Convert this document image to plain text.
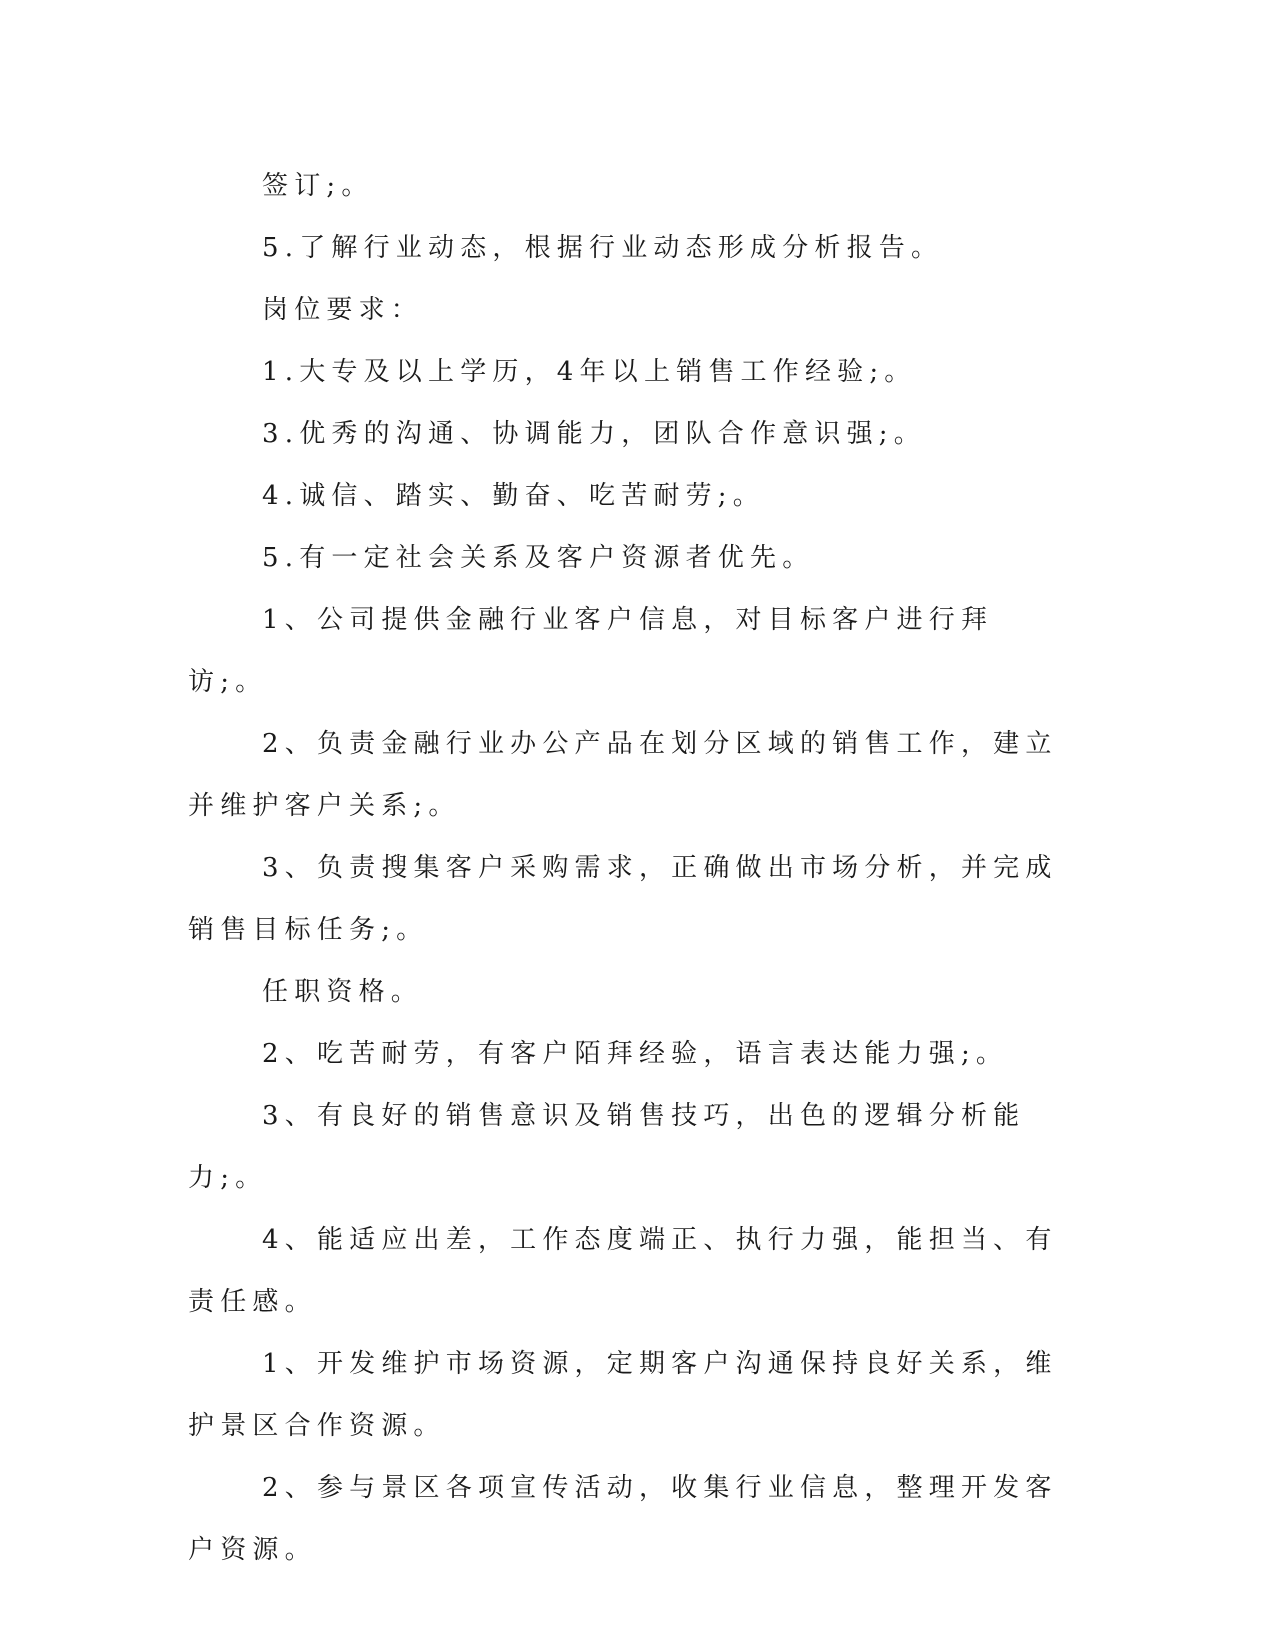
签订;。

5.了解行业动态，根据行业动态形成分析报告。

岗位要求：

1.大专及以上学历，4年以上销售工作经验;。

3.优秀的沟通、协调能力，团队合作意识强;。

4.诚信、踏实、勤奋、吃苦耐劳;。

5.有一定社会关系及客户资源者优先。

1、公司提供金融行业客户信息，对目标客户进行拜访;。

2、负责金融行业办公产品在划分区域的销售工作，建立并维护客户关系;。

3、负责搜集客户采购需求，正确做出市场分析，并完成销售目标任务;。

任职资格。

2、吃苦耐劳，有客户陌拜经验，语言表达能力强;。

3、有良好的销售意识及销售技巧，出色的逻辑分析能力;。

4、能适应出差，工作态度端正、执行力强，能担当、有责任感。

1、开发维护市场资源，定期客户沟通保持良好关系，维护景区合作资源。

2、参与景区各项宣传活动，收集行业信息，整理开发客户资源。
